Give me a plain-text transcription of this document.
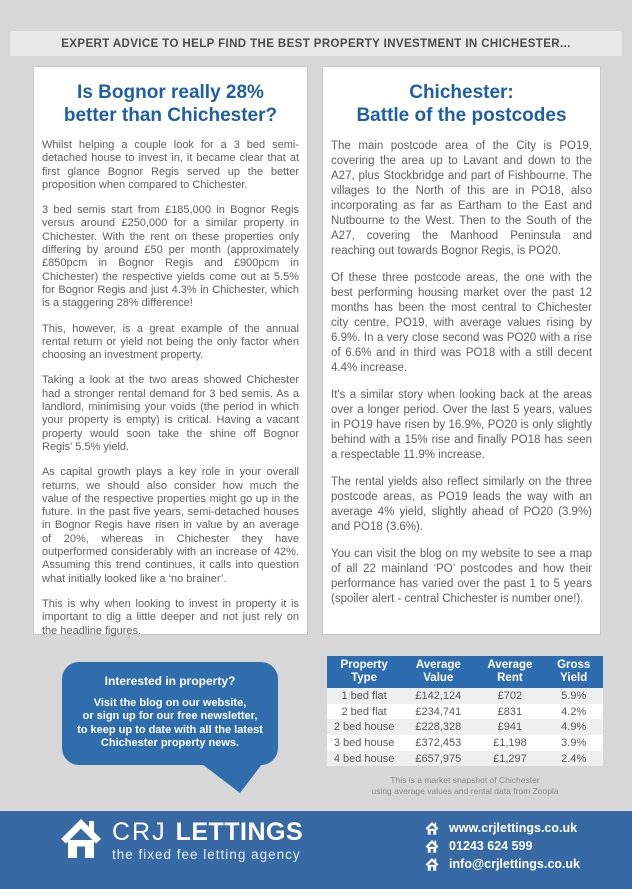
EXPERT ADVICE TO HELP FIND THE BEST PROPERTY INVESTMENT IN CHICHESTER...
Is Bognor really 28%
better than Chichester?

Whilst helping a couple look for a 3 bed semi-detached house to invest in, it became clear that at first glance Bognor Regis served up the better proposition when compared to Chichester.

3 bed semis start from £185,000 in Bognor Regis versus around £250,000 for a similar property in Chichester. With the rent on these properties only differing by around £50 per month (approximately £850pcm in Bognor Regis and £900pcm in Chichester) the respective yields come out at 5.5% for Bognor Regis and just 4.3% in Chichester, which is a staggering 28% difference!

This, however, is a great example of the annual rental return or yield not being the only factor when choosing an investment property.

Taking a look at the two areas showed Chichester had a stronger rental demand for 3 bed semis. As a landlord, minimising your voids (the period in which your property is empty) is critical. Having a vacant property would soon take the shine off Bognor Regis' 5.5% yield.

As capital growth plays a key role in your overall returns, we should also consider how much the value of the respective properties might go up in the future. In the past five years, semi-detached houses in Bognor Regis have risen in value by an average of 20%, whereas in Chichester they have outperformed considerably with an increase of 42%. Assuming this trend continues, it calls into question what initially looked like a ‘no brainer’.

This is why when looking to invest in property it is important to dig a little deeper and not just rely on the headline figures.

Chichester:
Battle of the postcodes

The main postcode area of the City is PO19, covering the area up to Lavant and down to the A27, plus Stockbridge and part of Fishbourne. The villages to the North of this are in PO18, also incorporating as far as Eartham to the East and Nutbourne to the West. Then to the South of the A27, covering the Manhood Peninsula and reaching out towards Bognor Regis, is PO20.

Of these three postcode areas, the one with the best performing housing market over the past 12 months has been the most central to Chichester city centre, PO19, with average values rising by 6.9%. In a very close second was PO20 with a rise of 6.6% and in third was PO18 with a still decent 4.4% increase.

It's a similar story when looking back at the areas over a longer period. Over the last 5 years, values in PO19 have risen by 16.9%, PO20 is only slightly behind with a 15% rise and finally PO18 has seen a respectable 11.9% increase.

The rental yields also reflect similarly on the three postcode areas, as PO19 leads the way with an average 4% yield, slightly ahead of PO20 (3.9%) and PO18 (3.6%).

You can visit the blog on my website to see a map of all 22 mainland ‘PO’ postcodes and how their performance has varied over the past 1 to 5 years (spoiler alert - central Chichester is number one!).

Interested in property?
Visit the blog on our website,
or sign up for our free newsletter,
to keep up to date with all the latest
Chichester property news.
Property Type	Average Value	Average Rent	Gross Yield
1 bed flat	£142,124	£702	5.9%
2 bed flat	£234,741	£831	4.2%
2 bed house	£228,328	£941	4.9%
3 bed house	£372,453	£1,198	3.9%
4 bed house	£657,975	£1,297	2.4%
This is a market snapshot of Chichester
using average values and rental data from Zoopla
CRJ LETTINGS
the fixed fee letting agency
www.crjlettings.co.uk
01243 624 599
info@crjlettings.co.uk
